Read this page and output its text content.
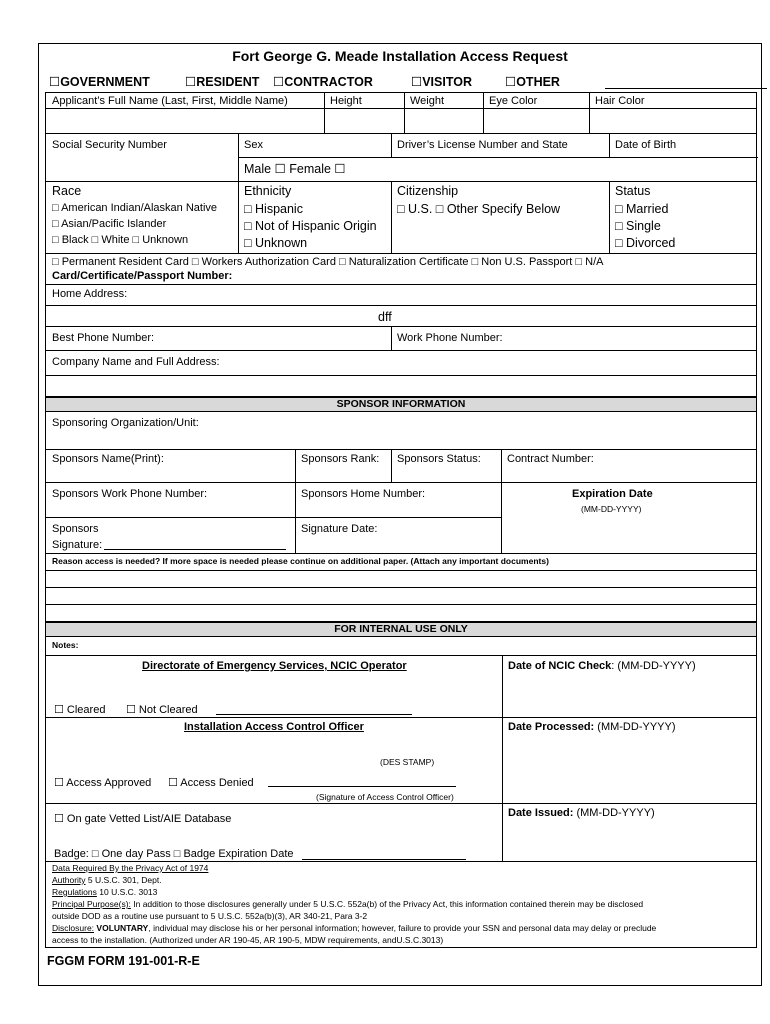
Fort George G. Meade Installation Access Request
☐GOVERNMENT	☐RESIDENT ☐CONTRACTOR	☐VISITOR	☐OTHER
Applicant’s Full Name (Last, First, Middle Name)	Height	Weight	Eye Color	Hair Color
Social Security Number	Sex	Driver’s License Number and State	Date of Birth
Male ☐ Female ☐
Race
□ American Indian/Alaskan Native
□ Asian/Pacific Islander
□ Black □ White □ Unknown
Ethnicity
□ Hispanic
□ Not of Hispanic Origin
□ Unknown
Citizenship
□ U.S. □ Other Specify Below
Status
□ Married
□ Single
□ Divorced
□ Permanent Resident Card □ Workers Authorization Card □ Naturalization Certificate □ Non U.S. Passport □ N/A
Card/Certificate/Passport Number:
Home Address:
dff
Best Phone Number:	Work Phone Number:
Company Name and Full Address:
SPONSOR INFORMATION
Sponsoring Organization/Unit:
Sponsors Name(Print):	Sponsors Rank: Sponsors Status: Contract Number:
Sponsors Work Phone Number:	Sponsors Home Number:	Expiration Date
(MM-DD-YYYY)
Sponsors
Signature:
Signature Date:
Reason access is needed? If more space is needed please continue on additional paper. (Attach any important documents)
FOR INTERNAL USE ONLY
Notes:
Directorate of Emergency Services, NCIC Operator	Date of NCIC Check: (MM-DD-YYYY)
☐ Cleared ☐ Not Cleared
Installation Access Control Officer	Date Processed: (MM-DD-YYYY)
(DES STAMP)
☐ Access Approved ☐ Access Denied
(Signature of Access Control Officer)
☐ On gate Vetted List/AIE Database	Date Issued: (MM-DD-YYYY)
Badge: □ One day Pass □ Badge Expiration Date
Data Required By the Privacy Act of 1974
Authority 5 U.S.C. 301, Dept.
Regulations 10 U.S.C. 3013
Principal Purpose(s): In addition to those disclosures generally under 5 U.S.C. 552a(b) of the Privacy Act, this information contained therein may be disclosed
outside DOD as a routine use pursuant to 5 U.S.C. 552a(b)(3), AR 340-21, Para 3-2
Disclosure: VOLUNTARY, individual may disclose his or her personal information; however, failure to provide your SSN and personal data may delay or preclude
access to the installation. (Authorized under AR 190-45, AR 190-5, MDW requirements, andU.S.C.3013)
FGGM FORM 191-001-R-E
